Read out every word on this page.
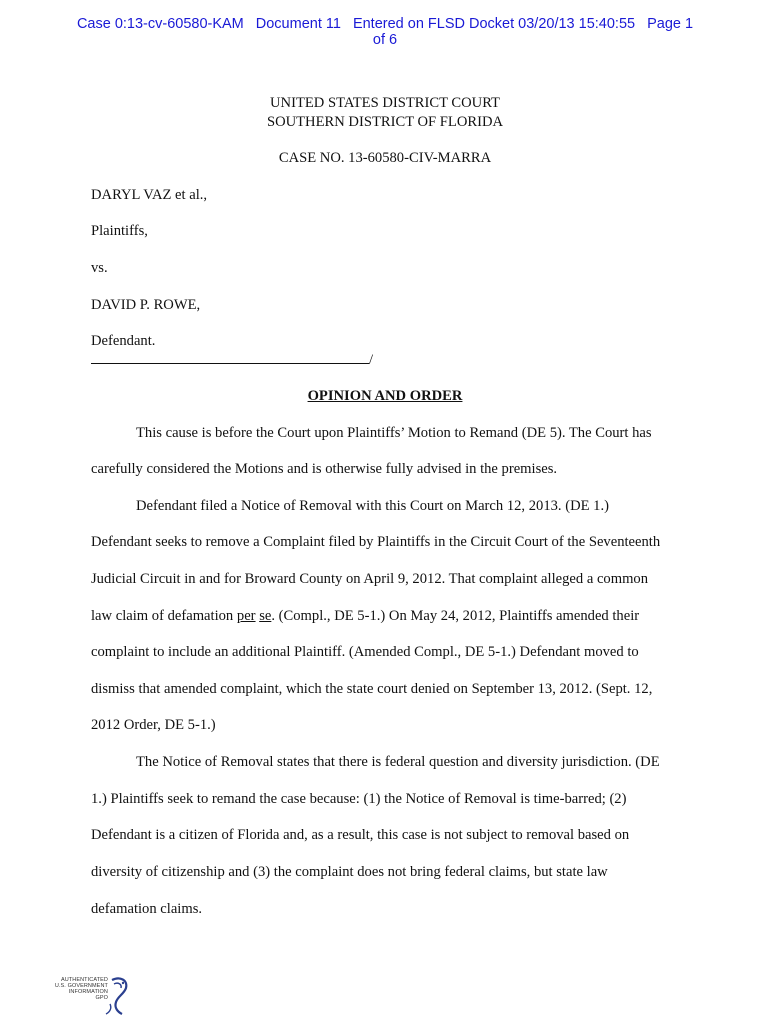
Case 0:13-cv-60580-KAM Document 11 Entered on FLSD Docket 03/20/13 15:40:55 Page 1
of 6
UNITED STATES DISTRICT COURT
SOUTHERN DISTRICT OF FLORIDA
CASE NO. 13-60580-CIV-MARRA
DARYL VAZ et al.,
Plaintiffs,
vs.
DAVID P. ROWE,
Defendant.
/
OPINION AND ORDER
This cause is before the Court upon Plaintiffs’ Motion to Remand (DE 5). The Court has
carefully considered the Motions and is otherwise fully advised in the premises.
Defendant filed a Notice of Removal with this Court on March 12, 2013. (DE 1.)
Defendant seeks to remove a Complaint filed by Plaintiffs in the Circuit Court of the Seventeenth
Judicial Circuit in and for Broward County on April 9, 2012. That complaint alleged a common
law claim of defamation per se. (Compl., DE 5-1.) On May 24, 2012, Plaintiffs amended their
complaint to include an additional Plaintiff. (Amended Compl., DE 5-1.) Defendant moved to
dismiss that amended complaint, which the state court denied on September 13, 2012. (Sept. 12,
2012 Order, DE 5-1.)
The Notice of Removal states that there is federal question and diversity jurisdiction. (DE
1.) Plaintiffs seek to remand the case because: (1) the Notice of Removal is time-barred; (2)
Defendant is a citizen of Florida and, as a result, this case is not subject to removal based on
diversity of citizenship and (3) the complaint does not bring federal claims, but state law
defamation claims.
AUTHENTICATED
U.S. GOVERNMENT
INFORMATION
GPO
